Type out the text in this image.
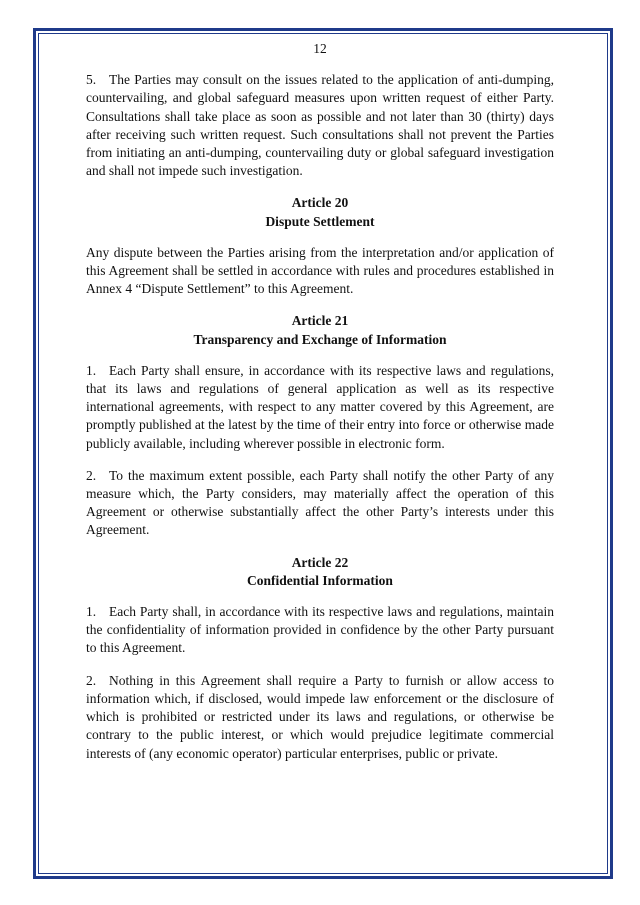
12

5. The Parties may consult on the issues related to the application of anti-dumping, countervailing, and global safeguard measures upon written request of either Party. Consultations shall take place as soon as possible and not later than 30 (thirty) days after receiving such written request. Such consultations shall not prevent the Parties from initiating an anti-dumping, countervailing duty or global safeguard investigation and shall not impede such investigation.

Article 20
Dispute Settlement

Any dispute between the Parties arising from the interpretation and/or application of this Agreement shall be settled in accordance with rules and procedures established in Annex 4 “Dispute Settlement” to this Agreement.

Article 21
Transparency and Exchange of Information

1. Each Party shall ensure, in accordance with its respective laws and regulations, that its laws and regulations of general application as well as its respective international agreements, with respect to any matter covered by this Agreement, are promptly published at the latest by the time of their entry into force or otherwise made publicly available, including wherever possible in electronic form.

2. To the maximum extent possible, each Party shall notify the other Party of any measure which, the Party considers, may materially affect the operation of this Agreement or otherwise substantially affect the other Party’s interests under this Agreement.

Article 22
Confidential Information

1. Each Party shall, in accordance with its respective laws and regulations, maintain the confidentiality of information provided in confidence by the other Party pursuant to this Agreement.

2. Nothing in this Agreement shall require a Party to furnish or allow access to information which, if disclosed, would impede law enforcement or the disclosure of which is prohibited or restricted under its laws and regulations, or otherwise be contrary to the public interest, or which would prejudice legitimate commercial interests of (any economic operator) particular enterprises, public or private.
